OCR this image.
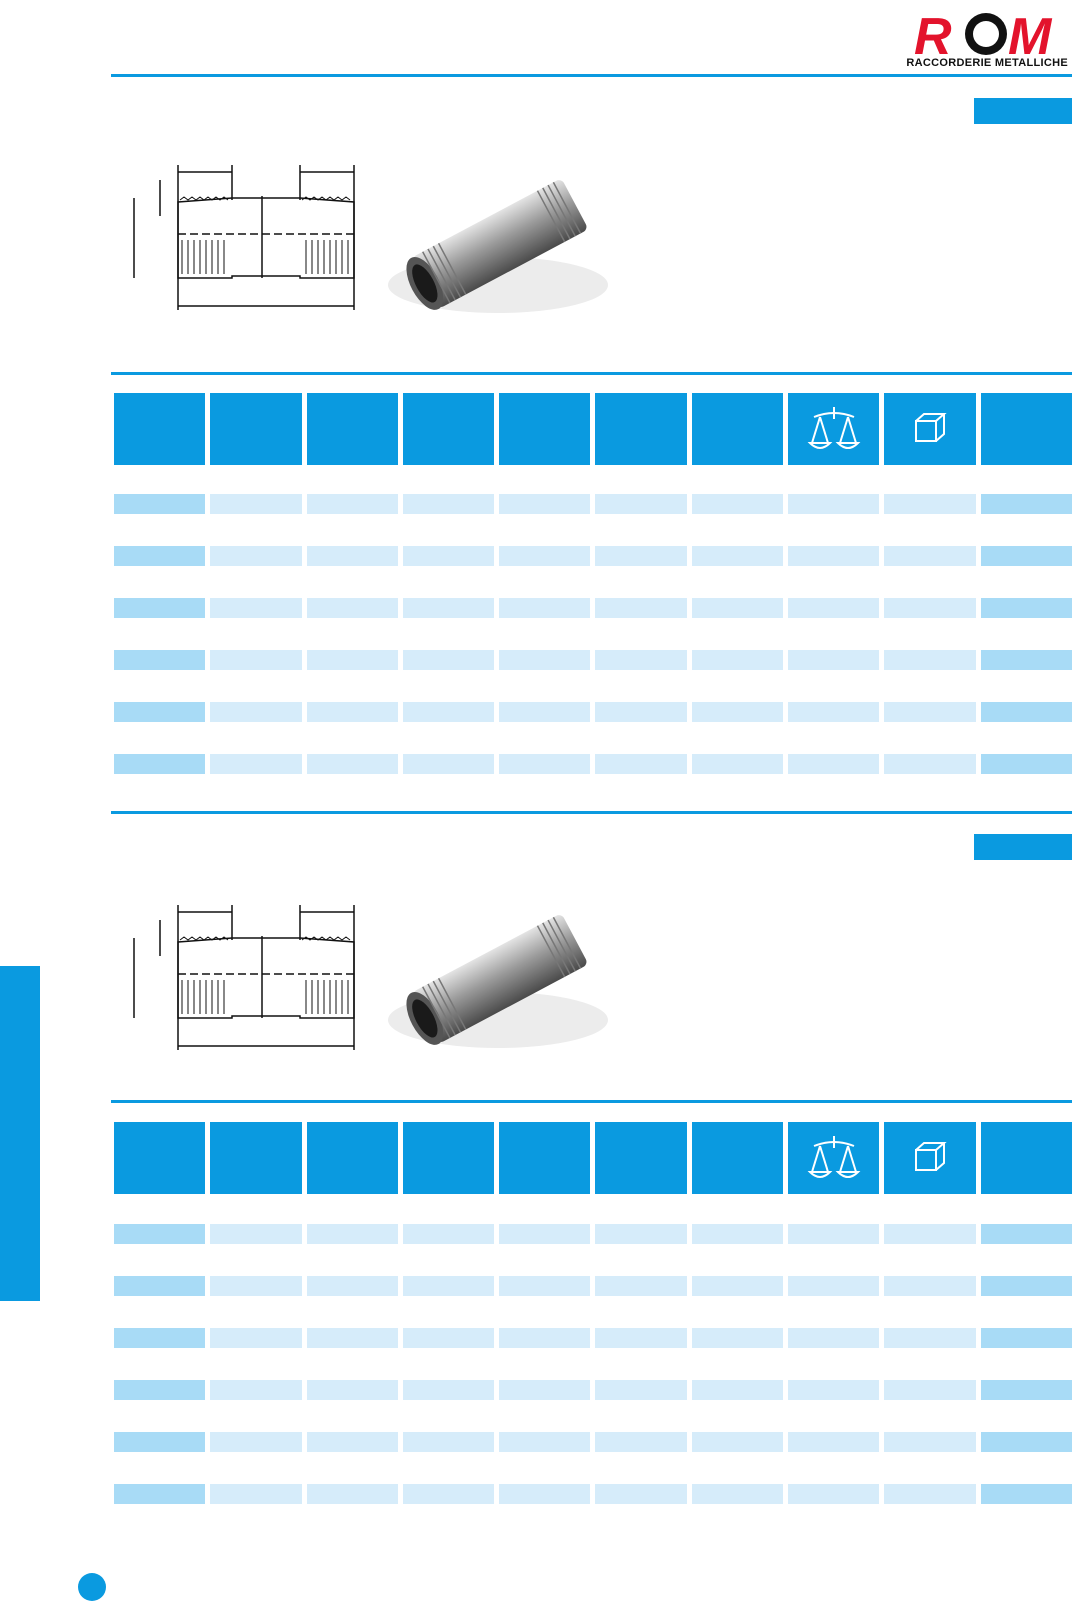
R M
RACCORDERIE METALLICHE
